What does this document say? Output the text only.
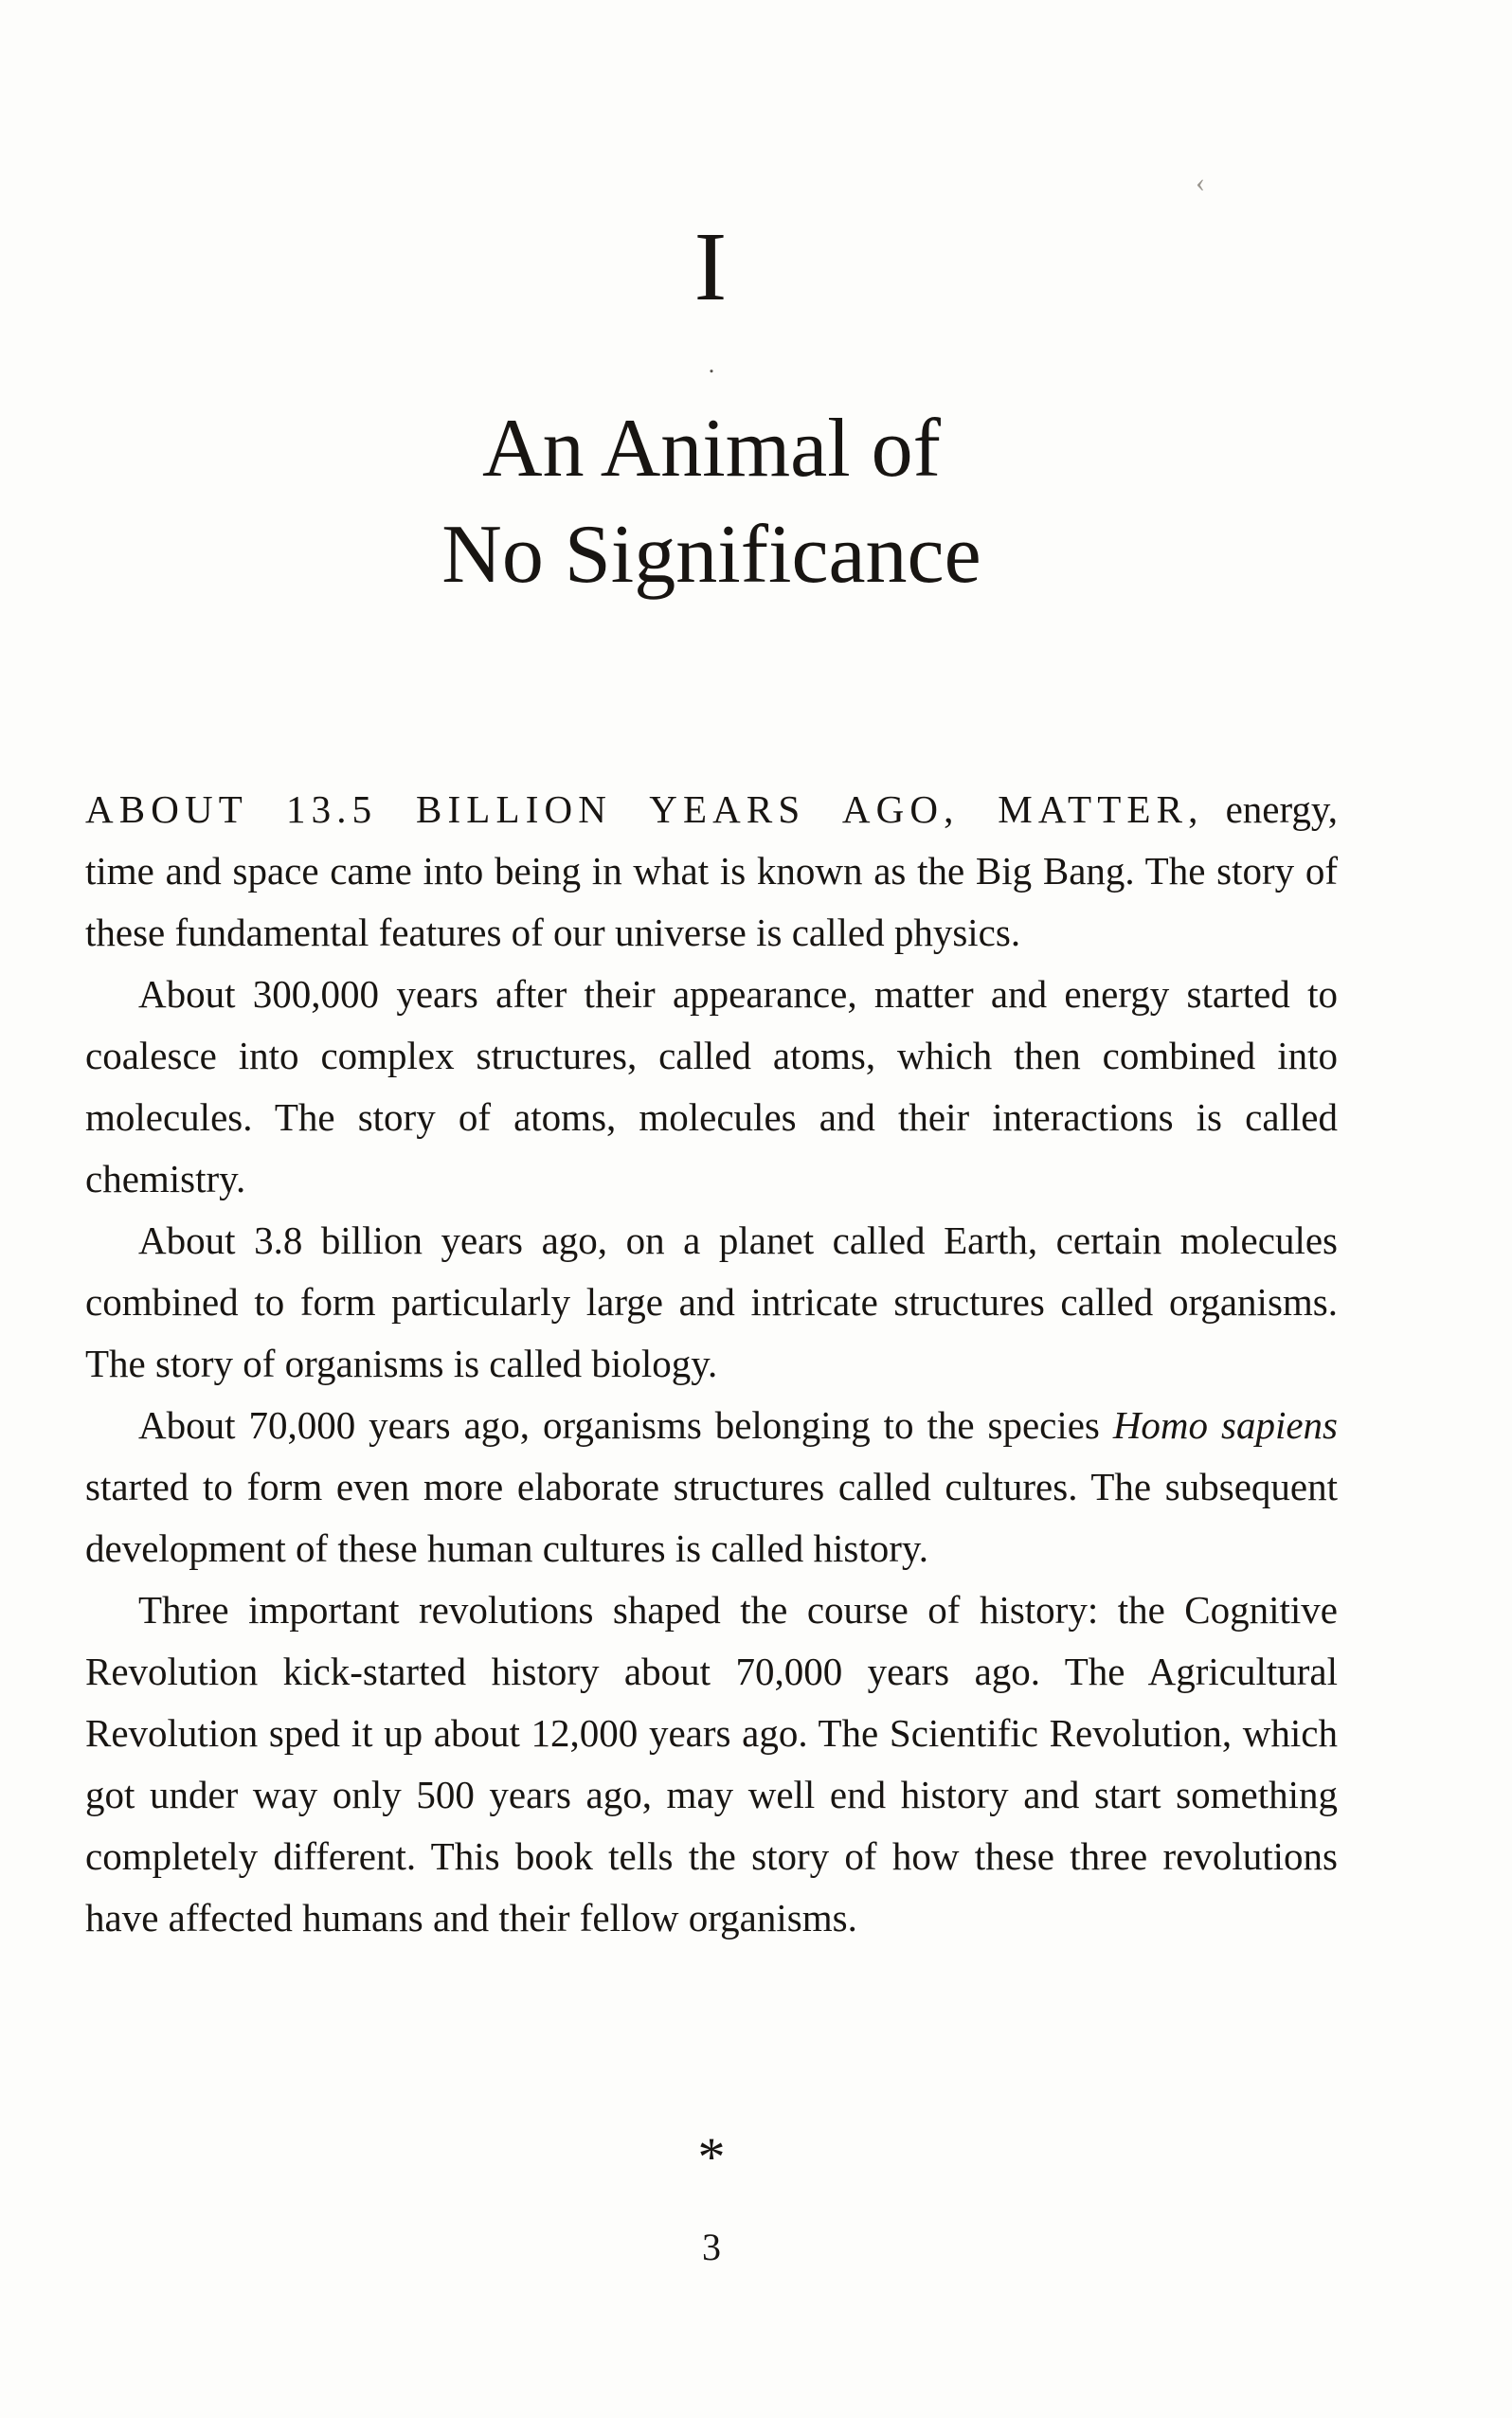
‹
I
.
An Animal of
No Significance

ABOUT 13.5 BILLION YEARS AGO, MATTER, energy, time and space came into being in what is known as the Big Bang. The story of these fundamental features of our universe is called physics.

About 300,000 years after their appearance, matter and energy started to coalesce into complex structures, called atoms, which then combined into molecules. The story of atoms, molecules and their interactions is called chemistry.

About 3.8 billion years ago, on a planet called Earth, certain molecules combined to form particularly large and intricate structures called organisms. The story of organisms is called biology.

About 70,000 years ago, organisms belonging to the species Homo sapiens started to form even more elaborate structures called cultures. The subsequent development of these human cultures is called history.

Three important revolutions shaped the course of history: the Cognitive Revolution kick-started history about 70,000 years ago. The Agricultural Revolution sped it up about 12,000 years ago. The Scientific Revolution, which got under way only 500 years ago, may well end history and start something completely different. This book tells the story of how these three revolutions have affected humans and their fellow organisms.

*
3
